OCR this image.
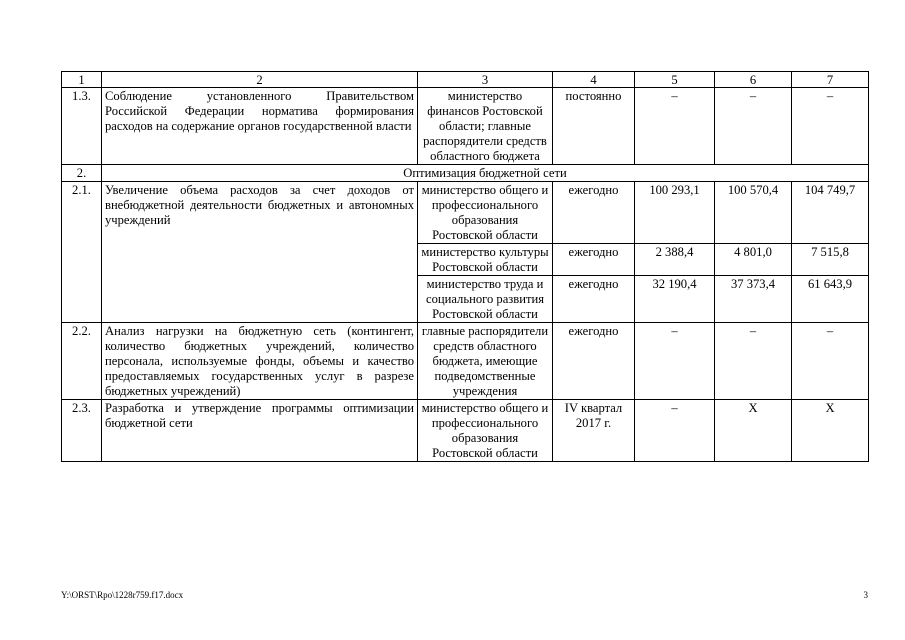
1	2	3	4	5	6	7
1.3.	Соблюдение установленного Правительством Российской Федерации норматива формирования расходов на содержание органов государственной власти	министерство финансов Ростовской области; главные распорядители средств областного бюджета	постоянно	–	–	–
2.	Оптимизация бюджетной сети					
2.1.	Увеличение объема расходов за счет доходов от внебюджетной деятельности бюджетных и автономных учреждений	министерство общего и профессионального образования Ростовской области	ежегодно	100 293,1	100 570,4	104 749,7
		министерство культуры Ростовской области	ежегодно	2 388,4	4 801,0	7 515,8
		министерство труда и социального развития Ростовской области	ежегодно	32 190,4	37 373,4	61 643,9
2.2.	Анализ нагрузки на бюджетную сеть (контингент, количество бюджетных учреждений, количество персонала, используемые фонды, объемы и качество предоставляемых государственных услуг в разрезе бюджетных учреждений)	главные распорядители средств областного бюджета, имеющие подведомственные учреждения	ежегодно	–	–	–
2.3.	Разработка и утверждение программы оптимизации бюджетной сети	министерство общего и профессионального образования Ростовской области	IV квартал 2017 г.	–	Х	Х
Y:\ORST\Rpo\1228r759.f17.docx	3
